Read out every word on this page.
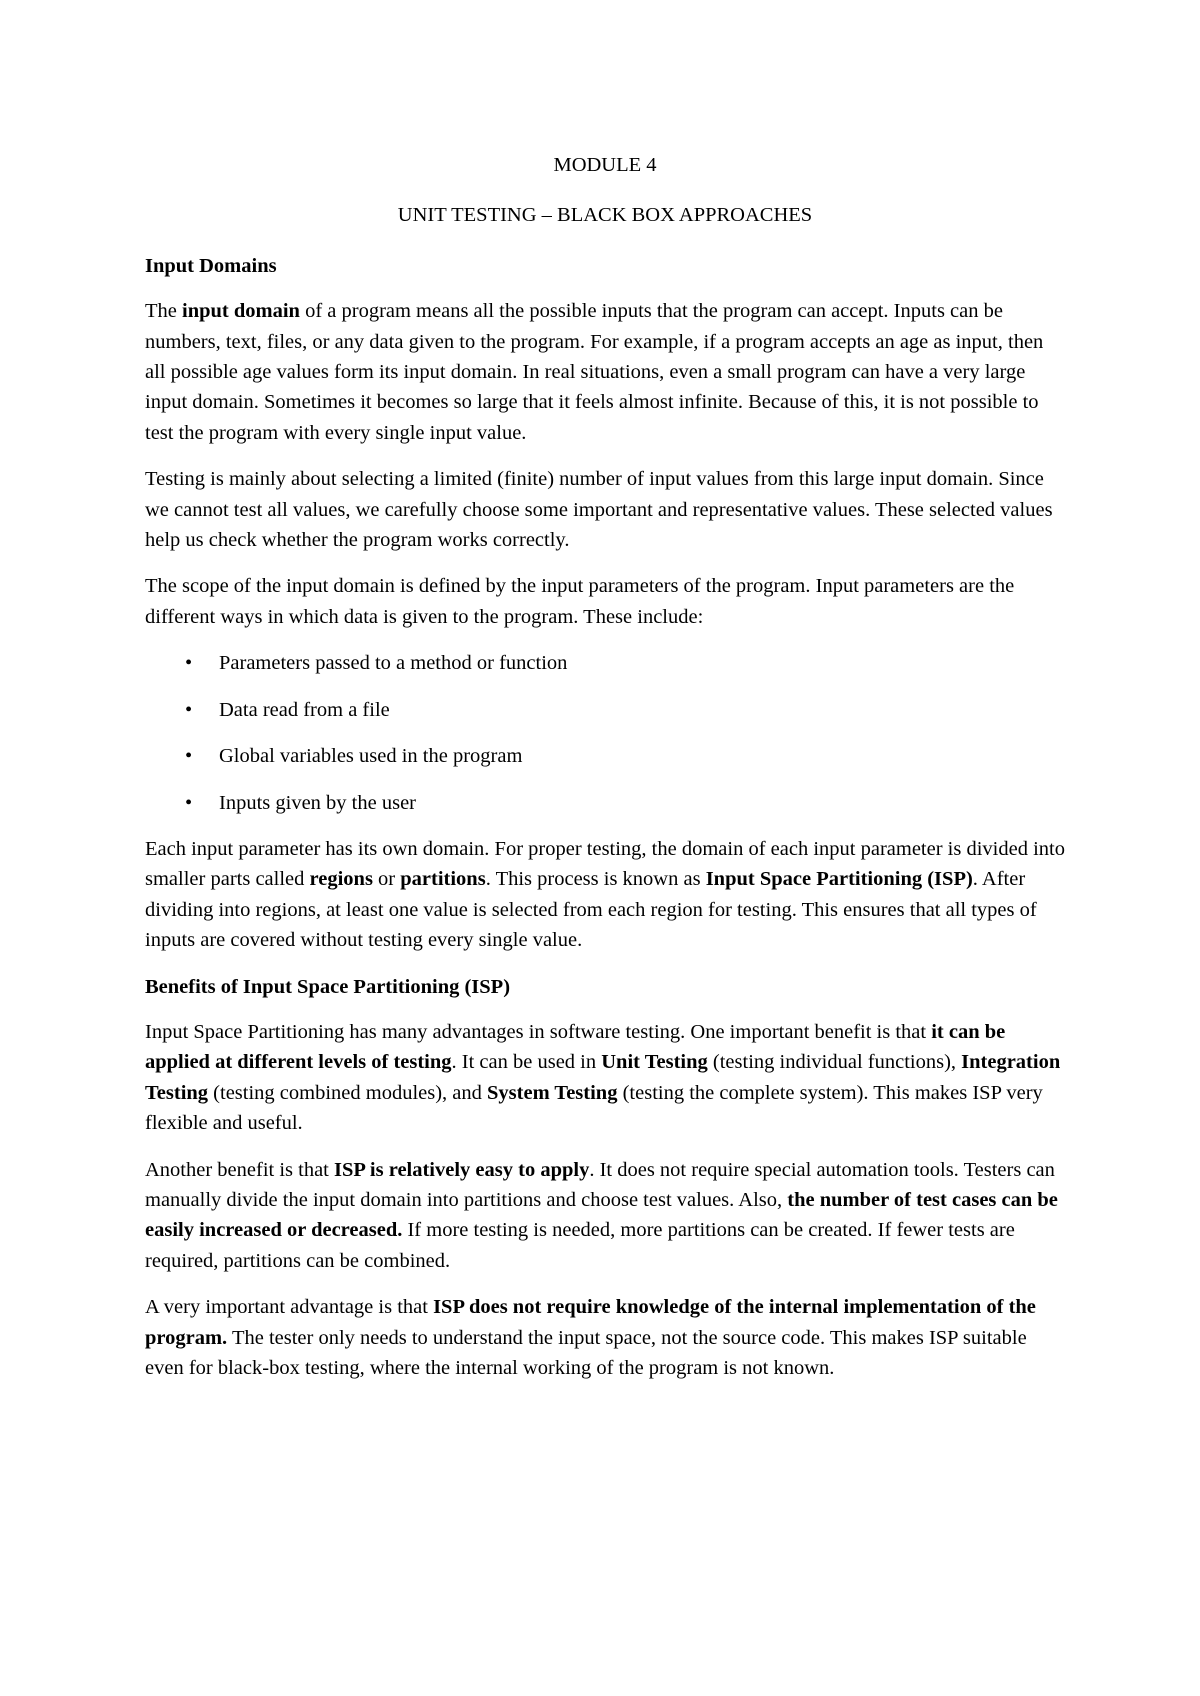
MODULE 4

UNIT TESTING – BLACK BOX APPROACHES

Input Domains

The input domain of a program means all the possible inputs that the program can accept. Inputs can be numbers, text, files, or any data given to the program. For example, if a program accepts an age as input, then all possible age values form its input domain. In real situations, even a small program can have a very large input domain. Sometimes it becomes so large that it feels almost infinite. Because of this, it is not possible to test the program with every single input value.

Testing is mainly about selecting a limited (finite) number of input values from this large input domain. Since we cannot test all values, we carefully choose some important and representative values. These selected values help us check whether the program works correctly.

The scope of the input domain is defined by the input parameters of the program. Input parameters are the different ways in which data is given to the program. These include:

• Parameters passed to a method or function
• Data read from a file
• Global variables used in the program
• Inputs given by the user

Each input parameter has its own domain. For proper testing, the domain of each input parameter is divided into smaller parts called regions or partitions. This process is known as Input Space Partitioning (ISP). After dividing into regions, at least one value is selected from each region for testing. This ensures that all types of inputs are covered without testing every single value.

Benefits of Input Space Partitioning (ISP)

Input Space Partitioning has many advantages in software testing. One important benefit is that it can be applied at different levels of testing. It can be used in Unit Testing (testing individual functions), Integration Testing (testing combined modules), and System Testing (testing the complete system). This makes ISP very flexible and useful.

Another benefit is that ISP is relatively easy to apply. It does not require special automation tools. Testers can manually divide the input domain into partitions and choose test values. Also, the number of test cases can be easily increased or decreased. If more testing is needed, more partitions can be created. If fewer tests are required, partitions can be combined.

A very important advantage is that ISP does not require knowledge of the internal implementation of the program. The tester only needs to understand the input space, not the source code. This makes ISP suitable even for black-box testing, where the internal working of the program is not known.
